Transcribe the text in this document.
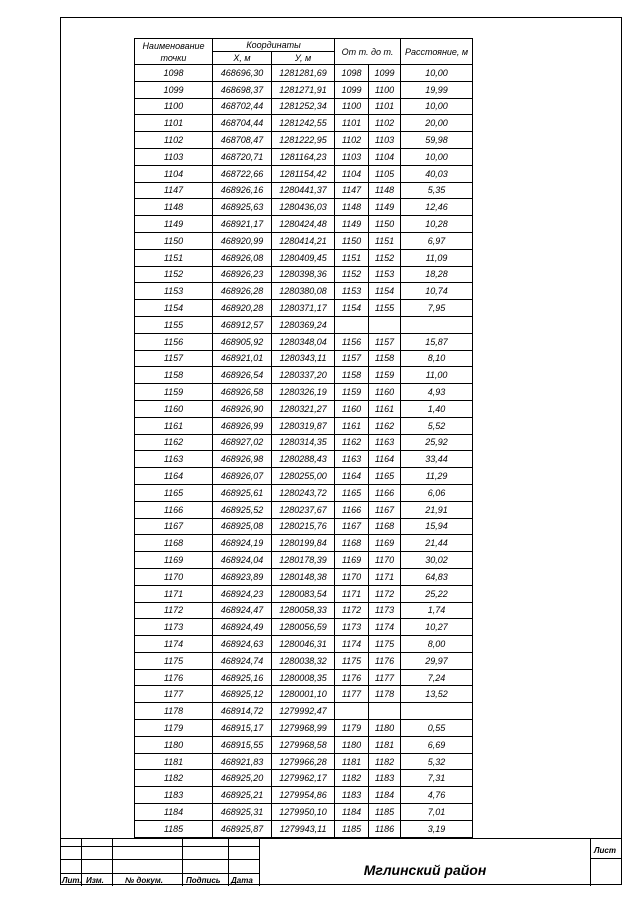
Наименование точки	Координаты		От т. до т.		Расстояние, м
	Х, м	У, м			
1098	468696,30	1281281,69	1098	1099	10,00
1099	468698,37	1281271,91	1099	1100	19,99
1100	468702,44	1281252,34	1100	1101	10,00
1101	468704,44	1281242,55	1101	1102	20,00
1102	468708,47	1281222,95	1102	1103	59,98
1103	468720,71	1281164,23	1103	1104	10,00
1104	468722,66	1281154,42	1104	1105	40,03
1147	468926,16	1280441,37	1147	1148	5,35
1148	468925,63	1280436,03	1148	1149	12,46
1149	468921,17	1280424,48	1149	1150	10,28
1150	468920,99	1280414,21	1150	1151	6,97
1151	468926,08	1280409,45	1151	1152	11,09
1152	468926,23	1280398,36	1152	1153	18,28
1153	468926,28	1280380,08	1153	1154	10,74
1154	468920,28	1280371,17	1154	1155	7,95
1155	468912,57	1280369,24			
1156	468905,92	1280348,04	1156	1157	15,87
1157	468921,01	1280343,11	1157	1158	8,10
1158	468926,54	1280337,20	1158	1159	11,00
1159	468926,58	1280326,19	1159	1160	4,93
1160	468926,90	1280321,27	1160	1161	1,40
1161	468926,99	1280319,87	1161	1162	5,52
1162	468927,02	1280314,35	1162	1163	25,92
1163	468926,98	1280288,43	1163	1164	33,44
1164	468926,07	1280255,00	1164	1165	11,29
1165	468925,61	1280243,72	1165	1166	6,06
1166	468925,52	1280237,67	1166	1167	21,91
1167	468925,08	1280215,76	1167	1168	15,94
1168	468924,19	1280199,84	1168	1169	21,44
1169	468924,04	1280178,39	1169	1170	30,02
1170	468923,89	1280148,38	1170	1171	64,83
1171	468924,23	1280083,54	1171	1172	25,22
1172	468924,47	1280058,33	1172	1173	1,74
1173	468924,49	1280056,59	1173	1174	10,27
1174	468924,63	1280046,31	1174	1175	8,00
1175	468924,74	1280038,32	1175	1176	29,97
1176	468925,16	1280008,35	1176	1177	7,24
1177	468925,12	1280001,10	1177	1178	13,52
1178	468914,72	1279992,47			
1179	468915,17	1279968,99	1179	1180	0,55
1180	468915,55	1279968,58	1180	1181	6,69
1181	468921,83	1279966,28	1181	1182	5,32
1182	468925,20	1279962,17	1182	1183	7,31
1183	468925,21	1279954,86	1183	1184	4,76
1184	468925,31	1279950,10	1184	1185	7,01
1185	468925,87	1279943,11	1185	1186	3,19
Лит. Изм.	№ докум.	Подпись Дата
Лист
Мглинский район
